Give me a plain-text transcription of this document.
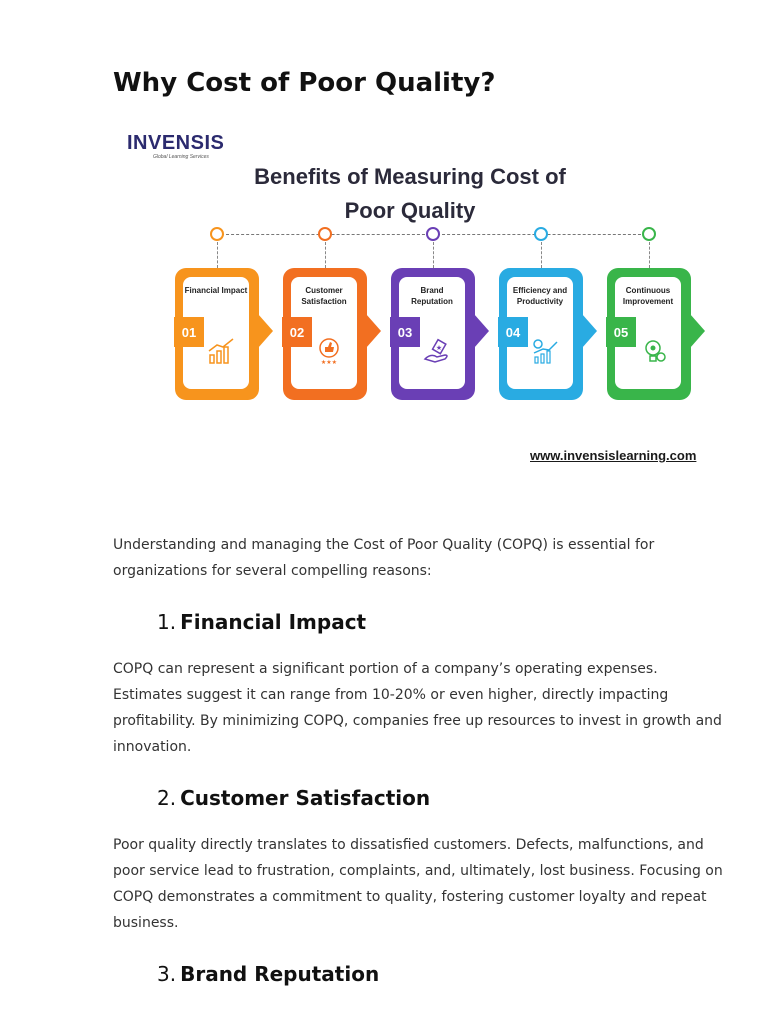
Why Cost of Poor Quality?
INVENSIS
Global Learning Services
Benefits of Measuring Cost of Poor Quality
Financial Impact
01
Customer Satisfaction
★★★
02
Brand Reputation
★
03
Efficiency and Productivity
04
Continuous Improvement
05
www.invensislearning.com

Understanding and managing the Cost of Poor Quality (COPQ) is essential for organizations for several compelling reasons:

1. Financial Impact

COPQ can represent a significant portion of a company’s operating expenses. Estimates suggest it can range from 10-20% or even higher, directly impacting profitability. By minimizing COPQ, companies free up resources to invest in growth and innovation.

2. Customer Satisfaction

Poor quality directly translates to dissatisfied customers. Defects, malfunctions, and poor service lead to frustration, complaints, and, ultimately, lost business. Focusing on COPQ demonstrates a commitment to quality, fostering customer loyalty and repeat business.

3. Brand Reputation
